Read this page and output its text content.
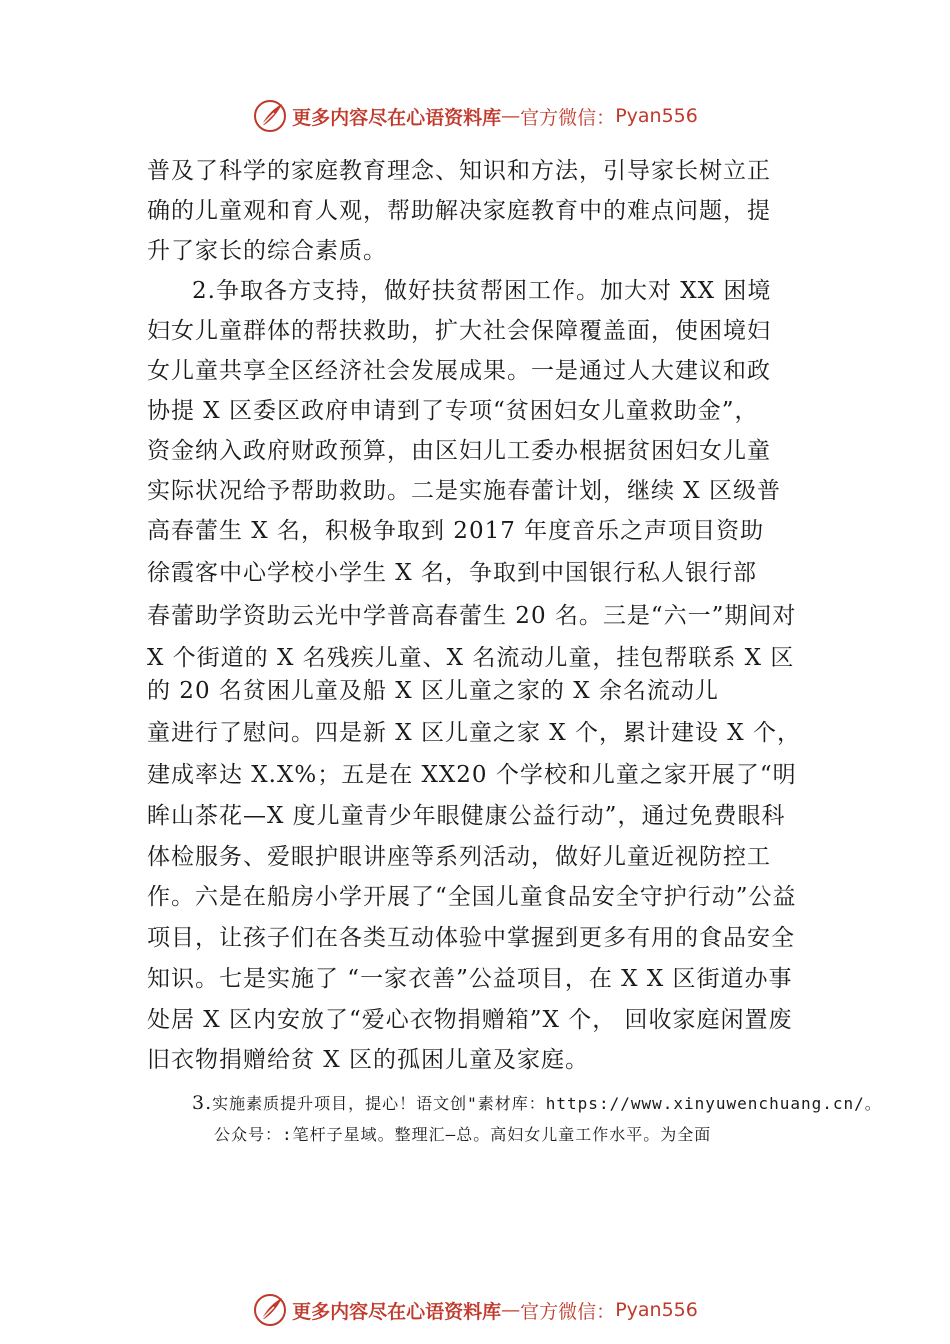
更多内容尽在心语资料库 — 官方微信： Pyan556
普及了科学的家庭教育理念、知识和方法，引导家长树立正
确的儿童观和育人观，帮助解决家庭教育中的难点问题，提
升了家长的综合素质。
2.争取各方支持，做好扶贫帮困工作。加大对 XX 困境
妇女儿童群体的帮扶救助，扩大社会保障覆盖面，使困境妇
女儿童共享全区经济社会发展成果。一是通过人大建议和政
协提 X 区委区政府申请到了专项“贫困妇女儿童救助金”，
资金纳入政府财政预算，由区妇儿工委办根据贫困妇女儿童
实际状况给予帮助救助。二是实施春蕾计划，继续 X 区级普
高春蕾生 X 名，积极争取到 2017 年度音乐之声项目资助
徐霞客中心学校小学生 X 名，争取到中国银行私人银行部
春蕾助学资助云光中学普高春蕾生 20 名。三是“六一”期间对
X 个街道的 X 名残疾儿童、X 名流动儿童，挂包帮联系 X 区
的 20 名贫困儿童及船 X 区儿童之家的 X 余名流动儿
童进行了慰问。四是新 X 区儿童之家 X 个，累计建设 X 个，
建成率达 X.X%；五是在 XX20 个学校和儿童之家开展了“明
眸山茶花—X 度儿童青少年眼健康公益行动”，通过免费眼科
体检服务、爱眼护眼讲座等系列活动，做好儿童近视防控工
作。六是在船房小学开展了“全国儿童食品安全守护行动”公益
项目，让孩子们在各类互动体验中掌握到更多有用的食品安全
知识。七是实施了 “一家衣善”公益项目，在 X X 区街道办事
处居 X 区内安放了“爱心衣物捐赠箱”X 个， 回收家庭闲置废
旧衣物捐赠给贫 X 区的孤困儿童及家庭。
3.实施素质提升项目，提心！语文创"素材库：https://www.xinyuwenchuang.cn/。
公众号：:笔杆子星域。整理汇—总。高妇女儿童工作水平。为全面
更多内容尽在心语资料库 — 官方微信： Pyan556
